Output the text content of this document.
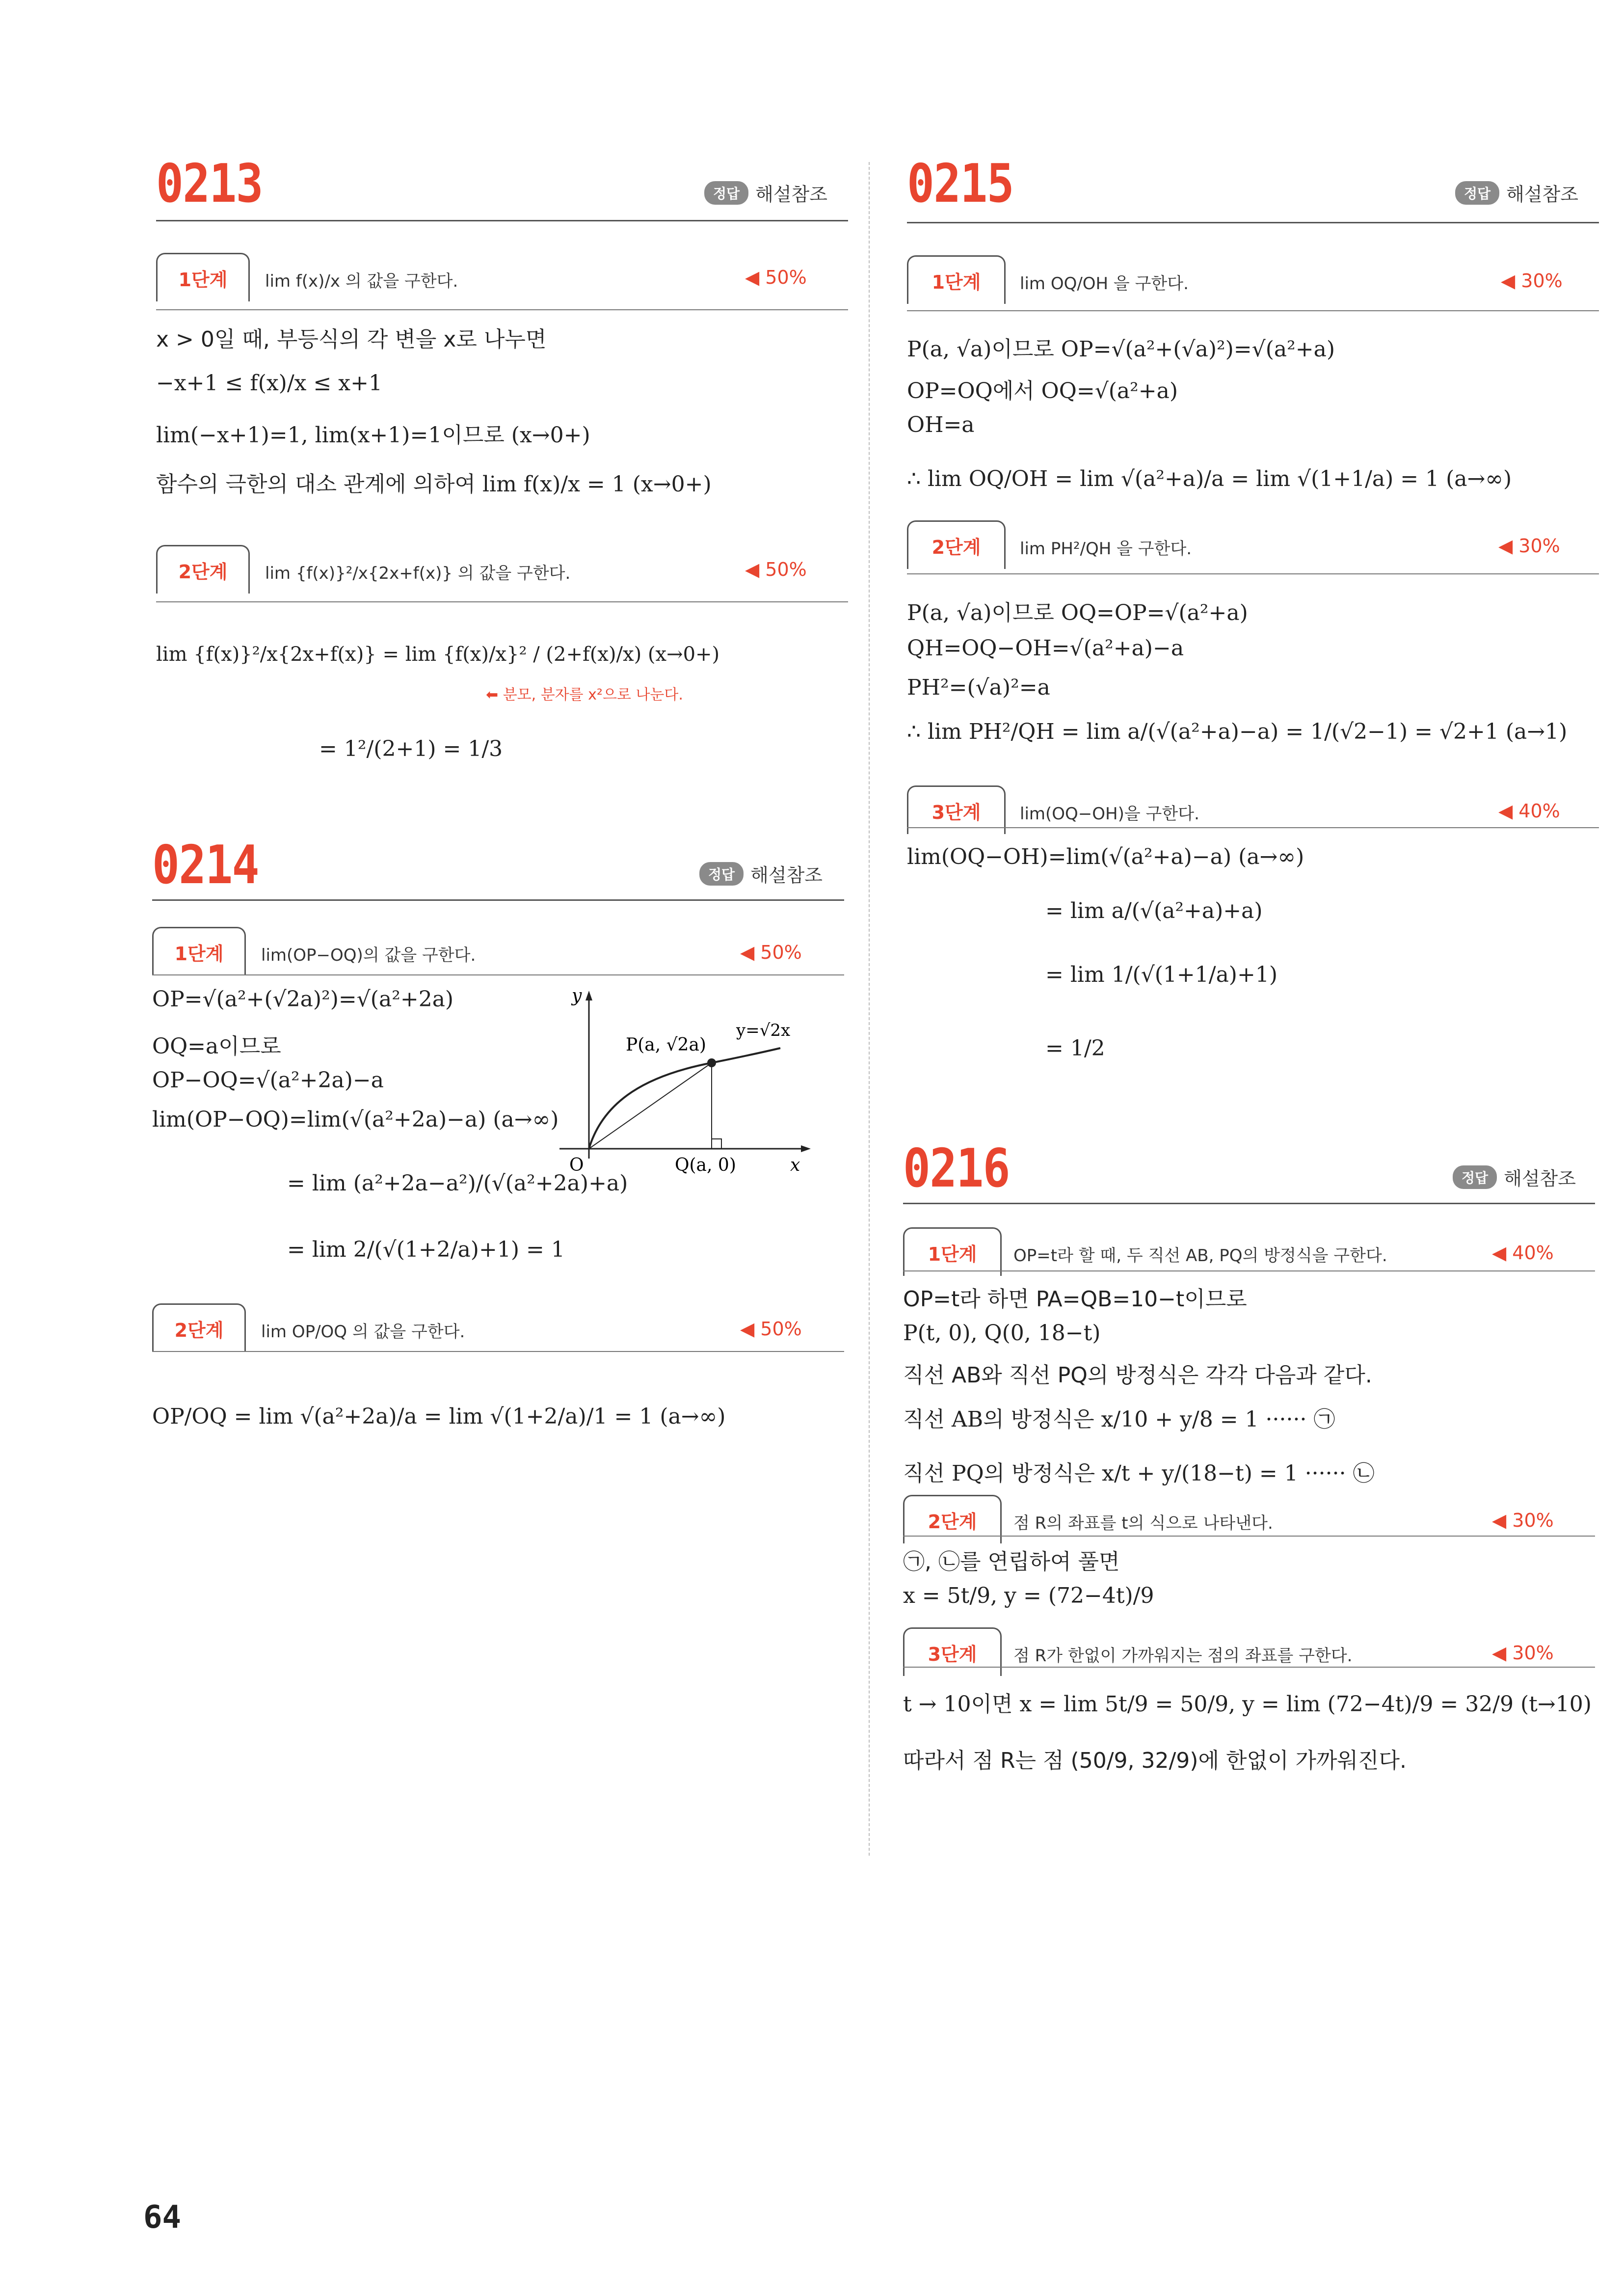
0213	정답 해설참조
1단계	lim f(x)/x 의 값을 구한다.	◀ 50%
x > 0일 때, 부등식의 각 변을 x로 나누면
−x+1 ≤ f(x)/x ≤ x+1
lim(−x+1)=1, lim(x+1)=1이므로 (x→0+)
함수의 극한의 대소 관계에 의하여 lim f(x)/x = 1 (x→0+)
2단계	lim {f(x)}²/x{2x+f(x)} 의 값을 구한다.	◀ 50%
lim {f(x)}²/x{2x+f(x)} = lim {f(x)/x}² / (2+f(x)/x) (x→0+)
⬅ 분모, 분자를 x²으로 나눈다.
= 1²/(2+1) = 1/3
0214	정답 해설참조
1단계	lim(OP−OQ)의 값을 구한다.	◀ 50%
OP=√(a²+(√2a)²)=√(a²+2a)
OQ=a이므로
OP−OQ=√(a²+2a)−a
lim(OP−OQ)=lim(√(a²+2a)−a) (a→∞)
= lim (a²+2a−a²)/(√(a²+2a)+a)
= lim 2/(√(1+2/a)+1) = 1
y
x
O
y=√2x
P(a, √2a)
Q(a, 0)
2단계	lim OP/OQ 의 값을 구한다.	◀ 50%
OP/OQ = lim √(a²+2a)/a = lim √(1+2/a)/1 = 1 (a→∞)
0215	정답 해설참조
1단계	lim OQ/OH 을 구한다.	◀ 30%
P(a, √a)이므로 OP=√(a²+(√a)²)=√(a²+a)
OP=OQ에서 OQ=√(a²+a)
OH=a
∴ lim OQ/OH = lim √(a²+a)/a = lim √(1+1/a) = 1 (a→∞)
2단계	lim PH²/QH 을 구한다.	◀ 30%
P(a, √a)이므로 OQ=OP=√(a²+a)
QH=OQ−OH=√(a²+a)−a
PH²=(√a)²=a
∴ lim PH²/QH = lim a/(√(a²+a)−a) = 1/(√2−1) = √2+1 (a→1)
3단계	lim(OQ−OH)을 구한다.	◀ 40%
lim(OQ−OH)=lim(√(a²+a)−a) (a→∞)
= lim a/(√(a²+a)+a)
= lim 1/(√(1+1/a)+1)
= 1/2
0216	정답 해설참조
1단계	OP=t라 할 때, 두 직선 AB, PQ의 방정식을 구한다.	◀ 40%
OP=t라 하면 PA=QB=10−t이므로
P(t, 0), Q(0, 18−t)
직선 AB와 직선 PQ의 방정식은 각각 다음과 같다.
직선 AB의 방정식은 x/10 + y/8 = 1 ······ ㉠
직선 PQ의 방정식은 x/t + y/(18−t) = 1 ······ ㉡
2단계	점 R의 좌표를 t의 식으로 나타낸다.	◀ 30%
㉠, ㉡를 연립하여 풀면
x = 5t/9, y = (72−4t)/9
3단계	점 R가 한없이 가까워지는 점의 좌표를 구한다.	◀ 30%
t → 10이면 x = lim 5t/9 = 50/9, y = lim (72−4t)/9 = 32/9 (t→10)
따라서 점 R는 점 (50/9, 32/9)에 한없이 가까워진다.
64
